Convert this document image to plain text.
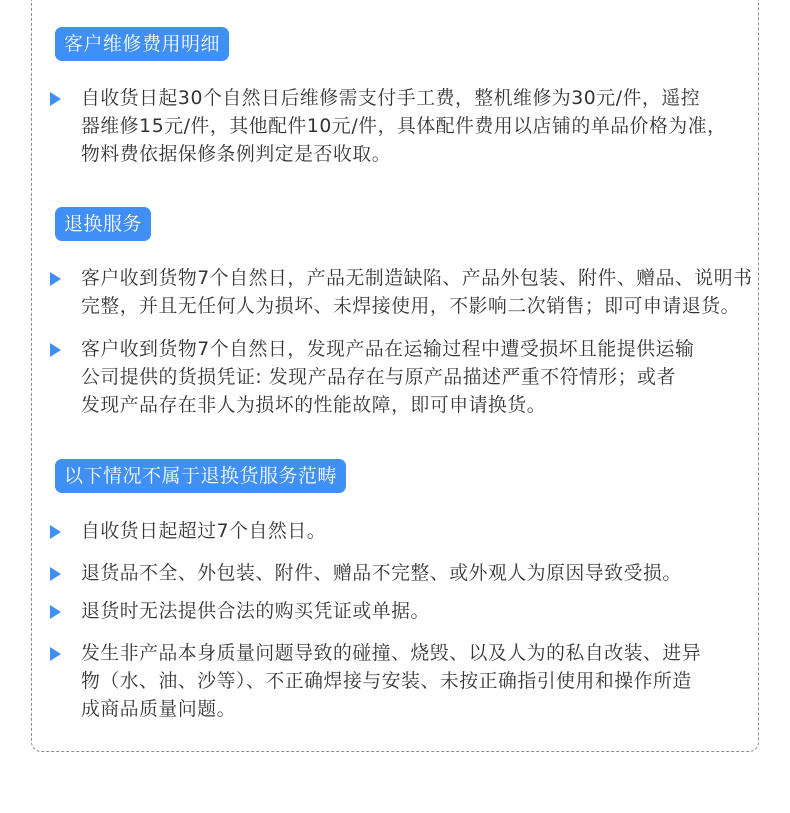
客户维修费用明细
自收货日起30个自然日后维修需支付手工费，整机维修为30元/件，遥控
器维修15元/件，其他配件10元/件，具体配件费用以店铺的单品价格为准，
物料费依据保修条例判定是否收取。
退换服务
客户收到货物7个自然日，产品无制造缺陷、产品外包装、附件、赠品、说明书
完整，并且无任何人为损坏、未焊接使用，不影响二次销售；即可申请退货。
客户收到货物7个自然日，发现产品在运输过程中遭受损坏且能提供运输
公司提供的货损凭证: 发现产品存在与原产品描述严重不符情形；或者
发现产品存在非人为损坏的性能故障，即可申请换货。
以下情况不属于退换货服务范畴
自收货日起超过7个自然日。
退货品不全、外包装、附件、赠品不完整、或外观人为原因导致受损。
退货时无法提供合法的购买凭证或单据。
发生非产品本身质量问题导致的碰撞、烧毁、以及人为的私自改装、进异
物（水、油、沙等）、不正确焊接与安装、未按正确指引使用和操作所造
成商品质量问题。
